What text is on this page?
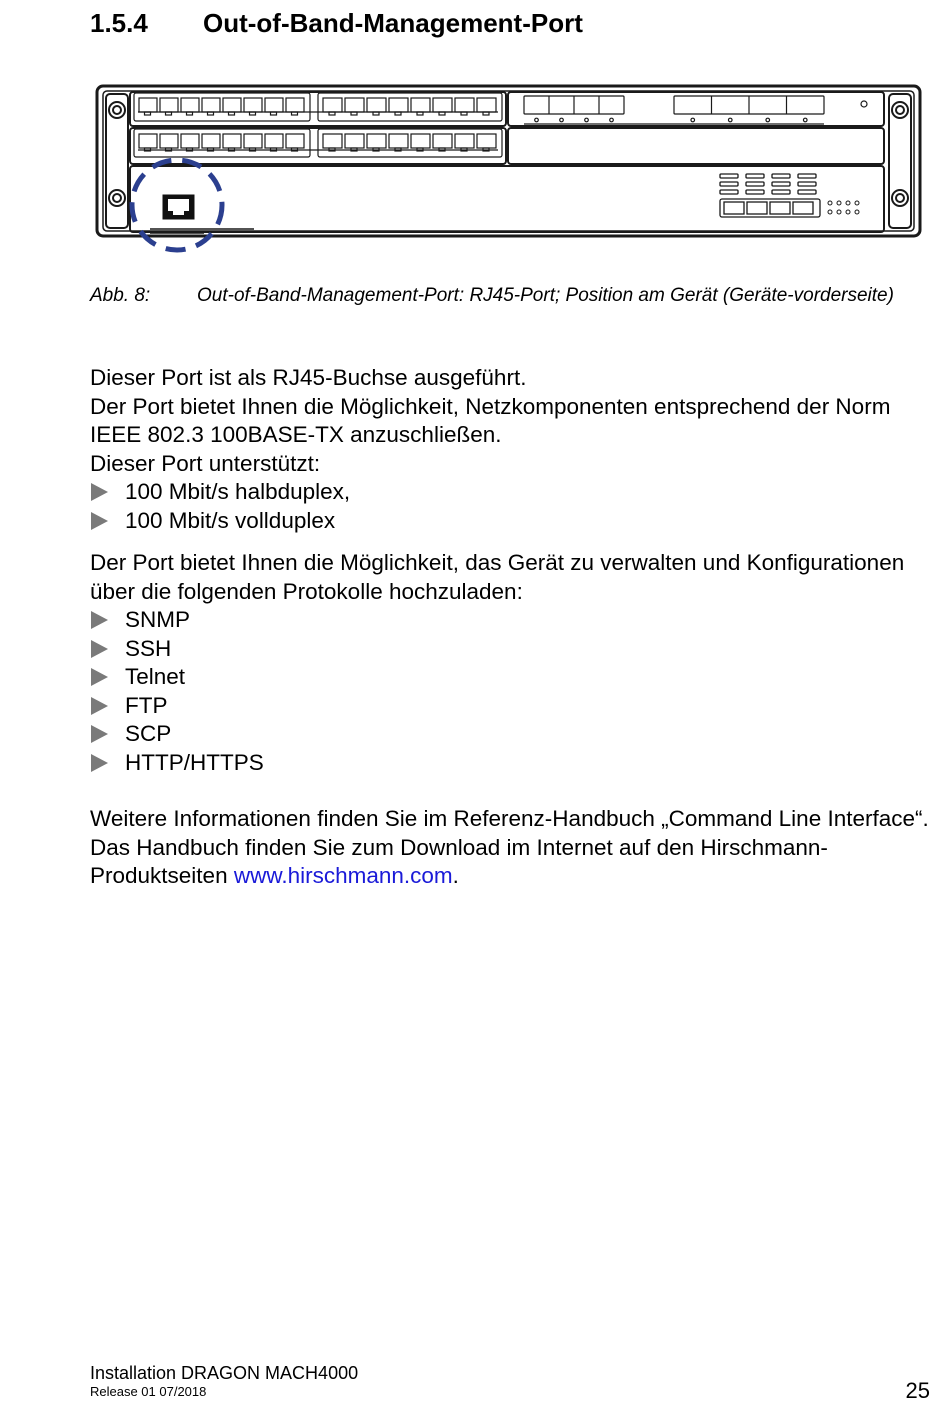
1.5.4 Out-of-Band-Management-Port
Abb. 8: Out-of-Band-Management-Port: RJ45-Port; Position am Gerät (Geräte-vorderseite)

Dieser Port ist als RJ45-Buchse ausgeführt.

Der Port bietet Ihnen die Möglichkeit, Netzkomponenten entsprechend der Norm IEEE 802.3 100BASE-TX anzuschließen.

Dieser Port unterstützt:

100 Mbit/s halbduplex,
100 Mbit/s vollduplex

Der Port bietet Ihnen die Möglichkeit, das Gerät zu verwalten und Konfigurationen über die folgenden Protokolle hochzuladen:

SNMP
SSH
Telnet
FTP
SCP
HTTP/HTTPS

Weitere Informationen finden Sie im Referenz-Handbuch „Command Line Interface“.

Das Handbuch finden Sie zum Download im Internet auf den Hirschmann-Produktseiten www.hirschmann.com.

Installation DRAGON MACH4000
Release 01 07/2018	25
